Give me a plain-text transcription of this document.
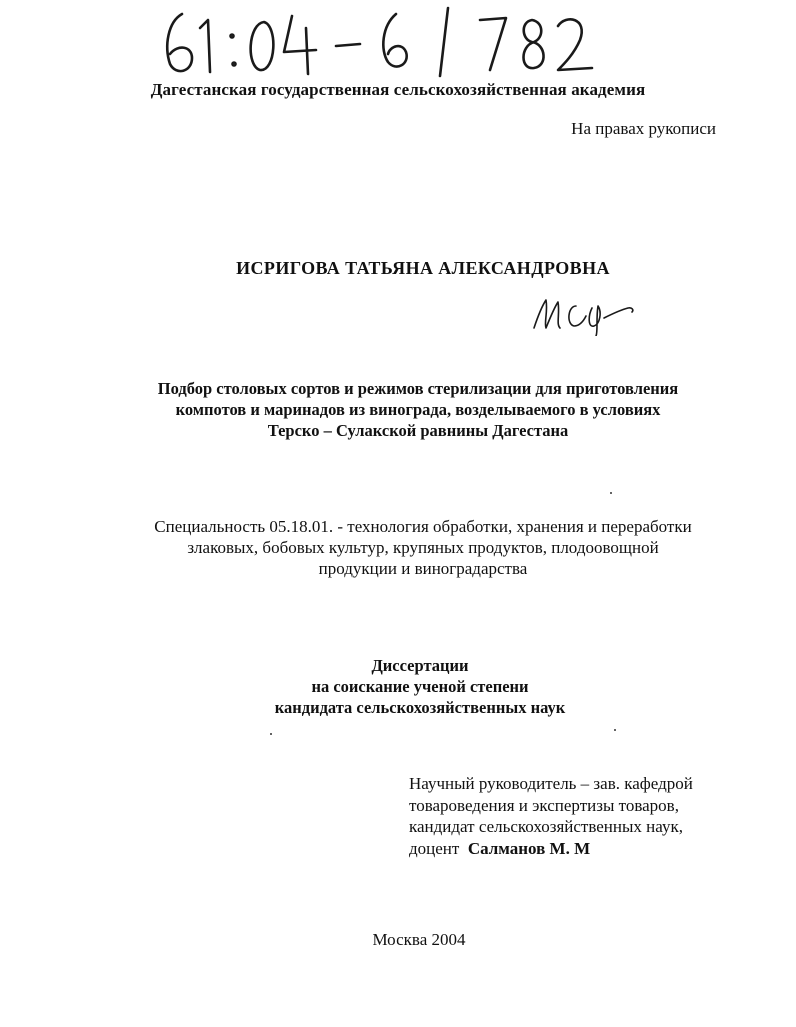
Дагестанская государственная сельскохозяйственная академия
На правах рукописи
ИСРИГОВА ТАТЬЯНА АЛЕКСАНДРОВНА
Подбор столовых сортов и режимов стерилизации для приготовления
компотов и маринадов из винограда, возделываемого в условиях
Терско – Сулакской равнины Дагестана
Специальность 05.18.01. - технология обработки, хранения и переработки
злаковых, бобовых культур, крупяных продуктов, плодоовощной
продукции и виноградарства
Диссертации
на соискание ученой степени
кандидата сельскохозяйственных наук
Научный руководитель – зав. кафедрой
товароведения и экспертизы товаров,
кандидат сельскохозяйственных наук,
доцент Салманов М. М
Москва 2004
